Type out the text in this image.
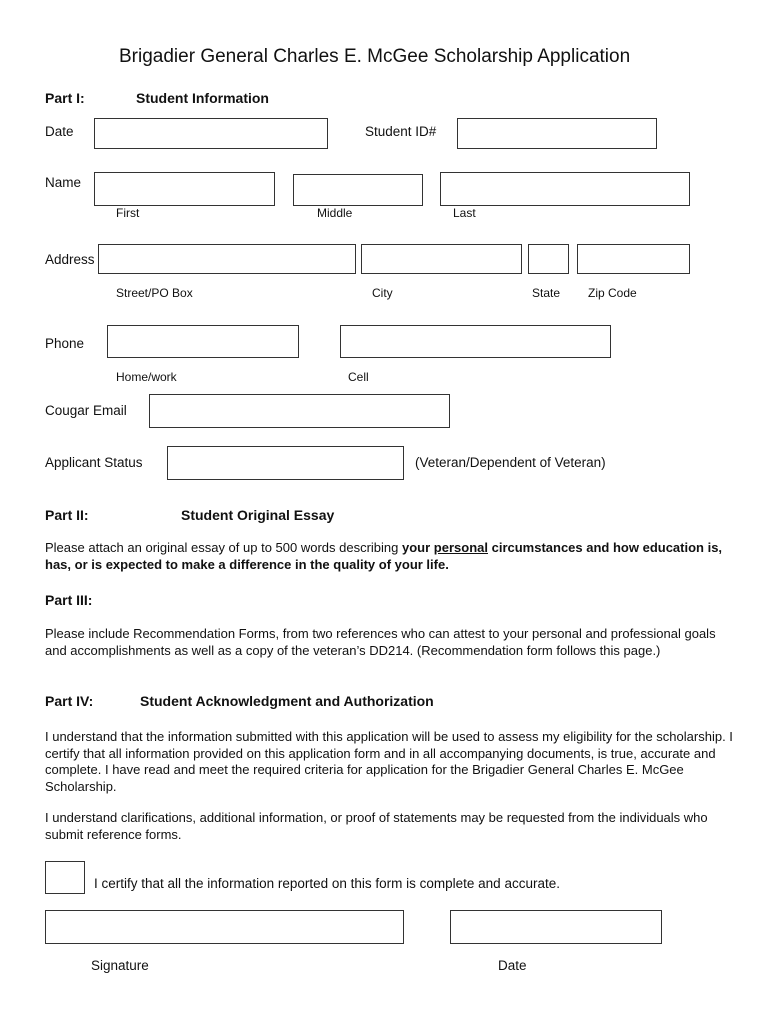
Brigadier General Charles E. McGee Scholarship Application
Part I:	Student Information
Date	Student ID#
Name
First	Middle	Last
Address
Street/PO Box	City	State Zip Code
Phone
Home/work	Cell
Cougar Email
Applicant Status	(Veteran/Dependent of Veteran)
Part II:	Student Original Essay
Please attach an original essay of up to 500 words describing your personal circumstances and how education is, has, or is expected to make a difference in the quality of your life.
Part III:
Please include Recommendation Forms, from two references who can attest to your personal and professional goals and accomplishments as well as a copy of the veteran’s DD214. (Recommendation form follows this page.)
Part IV:	Student Acknowledgment and Authorization
I understand that the information submitted with this application will be used to assess my eligibility for the scholarship. I certify that all information provided on this application form and in all accompanying documents, is true, accurate and complete. I have read and meet the required criteria for application for the Brigadier General Charles E. McGee Scholarship.
I understand clarifications, additional information, or proof of statements may be requested from the individuals who submit reference forms.
I certify that all the information reported on this form is complete and accurate.
Signature	Date
